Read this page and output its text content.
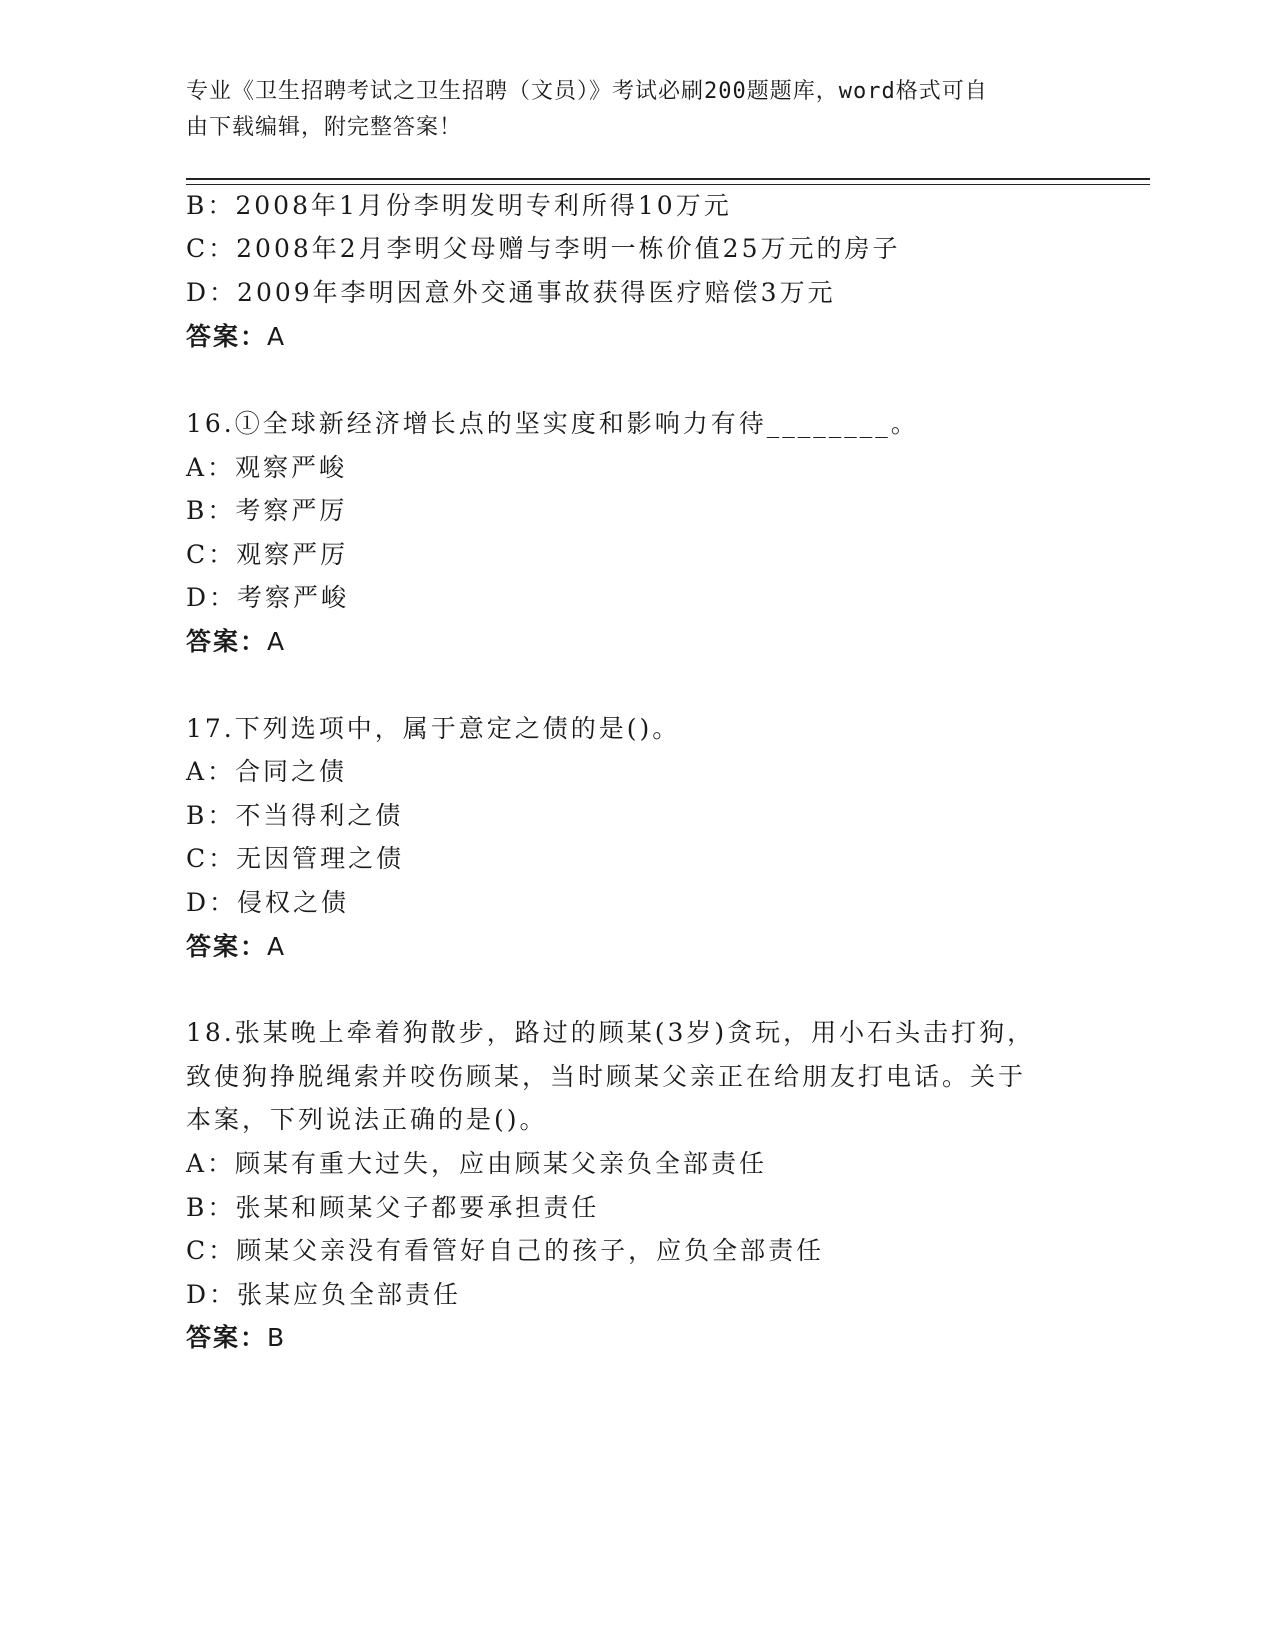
专业《卫生招聘考试之卫生招聘（文员）》考试必刷200题题库，word格式可自
由下载编辑，附完整答案！
B：2008年1月份李明发明专利所得10万元
C：2008年2月李明父母赠与李明一栋价值25万元的房子
D：2009年李明因意外交通事故获得医疗赔偿3万元
答案：A
16.①全球新经济增长点的坚实度和影响力有待________。
A：观察严峻
B：考察严厉
C：观察严厉
D：考察严峻
答案：A
17.下列选项中，属于意定之债的是()。
A：合同之债
B：不当得利之债
C：无因管理之债
D：侵权之债
答案：A
18.张某晚上牵着狗散步，路过的顾某(3岁)贪玩，用小石头击打狗，
致使狗挣脱绳索并咬伤顾某，当时顾某父亲正在给朋友打电话。关于
本案，下列说法正确的是()。
A：顾某有重大过失，应由顾某父亲负全部责任
B：张某和顾某父子都要承担责任
C：顾某父亲没有看管好自己的孩子，应负全部责任
D：张某应负全部责任
答案：B
